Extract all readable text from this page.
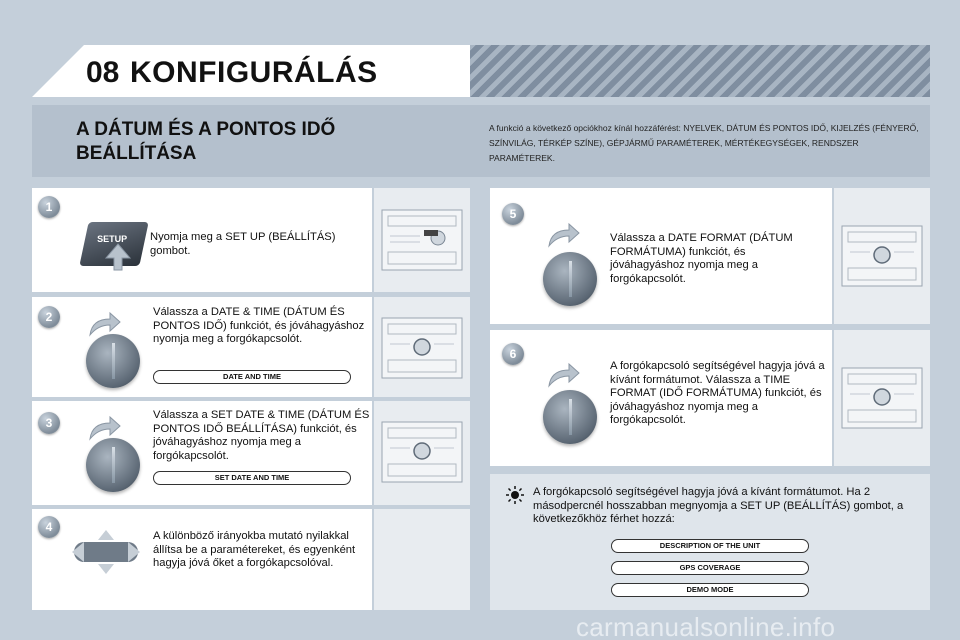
08 KONFIGURÁLÁS
A DÁTUM ÉS A PONTOS IDŐ BEÁLLÍTÁSA
A funkció a következő opciókhoz kínál hozzáférést: NYELVEK, DÁTUM ÉS PONTOS IDŐ, KIJELZÉS (FÉNYERŐ, SZÍNVILÁG, TÉRKÉP SZÍNE), GÉPJÁRMŰ PARAMÉTEREK, MÉRTÉKEGYSÉGEK, RENDSZER PARAMÉTEREK.
1
SETUP Nyomja meg a SET UP (BEÁLLÍTÁS) gombot.
2	Válassza a DATE & TIME (DÁTUM ÉS PONTOS IDŐ) funkciót, és jóváhagyáshoz nyomja meg a forgókapcsolót.
DATE AND TIME
3
Válassza a SET DATE & TIME (DÁTUM ÉS PONTOS IDŐ BEÁLLÍTÁSA) funkciót, és jóváhagyáshoz nyomja meg a forgókapcsolót.
SET DATE AND TIME
4
A különböző irányokba mutató nyilakkal állítsa be a paramétereket, és egyenként hagyja jóvá őket a forgókapcsolóval.
5
Válassza a DATE FORMAT (DÁTUM FORMÁTUMA) funkciót, és jóváhagyáshoz nyomja meg a forgókapcsolót.
6
A forgókapcsoló segítségével hagyja jóvá a kívánt formátumot. Válassza a TIME FORMAT (IDŐ FORMÁTUMA) funkciót, és jóváhagyáshoz nyomja meg a forgókapcsolót.
A forgókapcsoló segítségével hagyja jóvá a kívánt formátumot. Ha 2 másodpercnél hosszabban megnyomja a SET UP (BEÁLLÍTÁS) gombot, a következőkhöz férhet hozzá:
DESCRIPTION OF THE UNIT
GPS COVERAGE
DEMO MODE
carmanualsonline.info
